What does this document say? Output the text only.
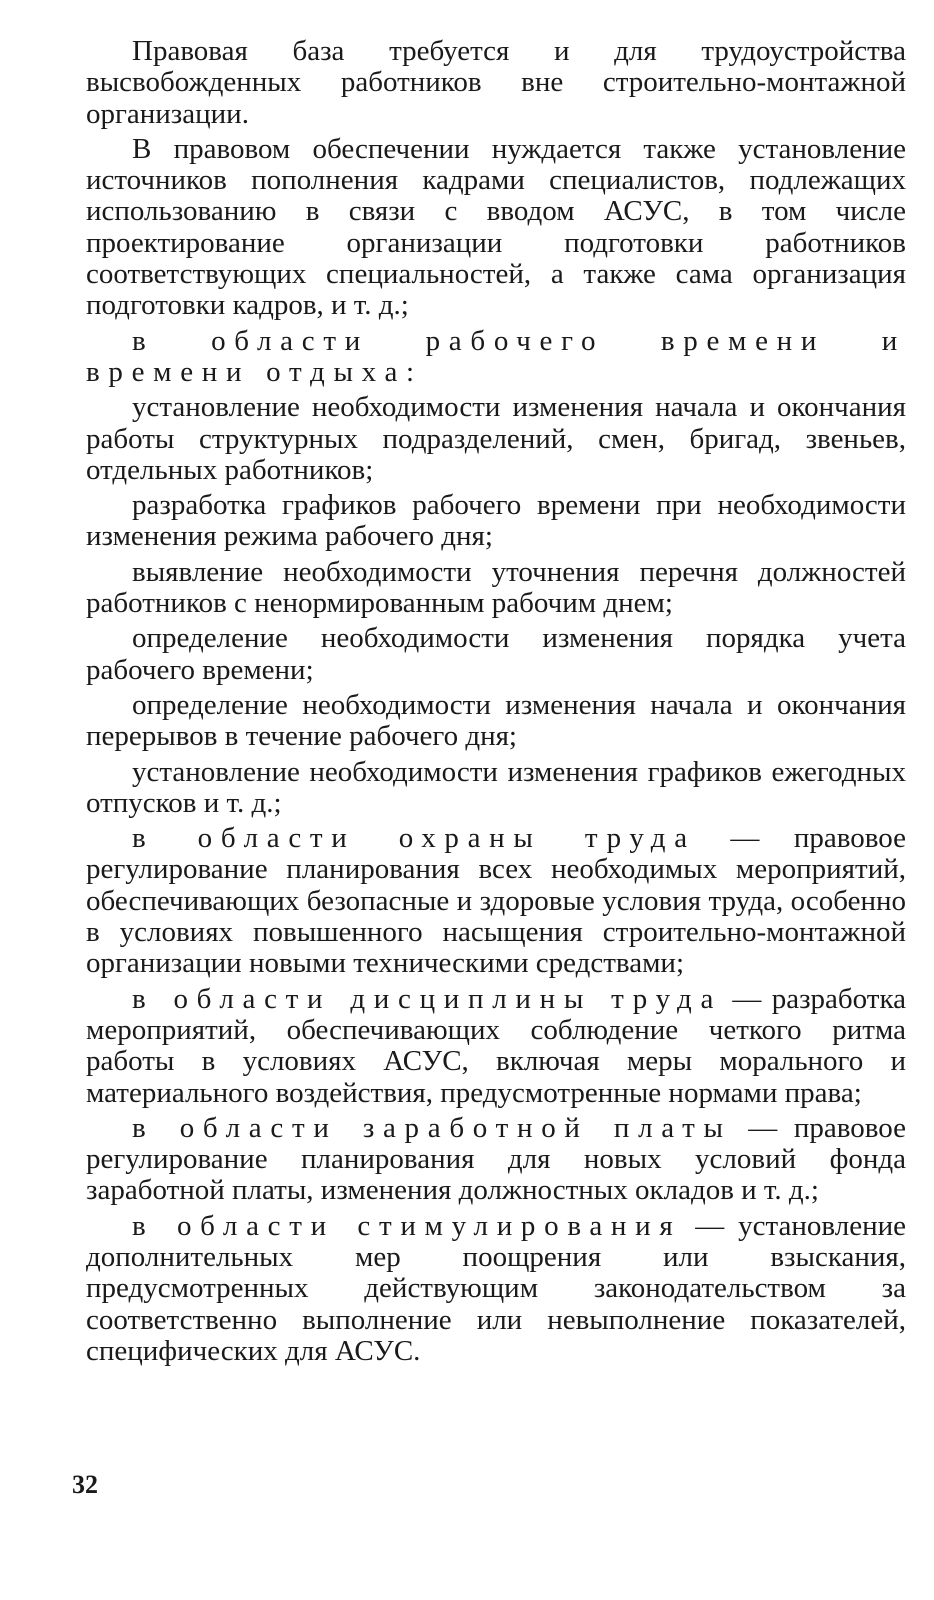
Правовая база требуется и для трудоустройства высвобожденных работников вне строительно-монтажной организации.

В правовом обеспечении нуждается также установление источников пополнения кадрами специалистов, подлежащих использованию в связи с вводом АСУС, в том числе проектирование организации подготовки работников соответствующих специальностей, а также сама организация подготовки кадров, и т. д.;

в области рабочего времени и времени отдыха:

установление необходимости изменения начала и окончания работы структурных подразделений, смен, бригад, звеньев, отдельных работников;

разработка графиков рабочего времени при необходимости изменения режима рабочего дня;

выявление необходимости уточнения перечня должностей работников с ненормированным рабочим днем;

определение необходимости изменения порядка учета рабочего времени;

определение необходимости изменения начала и окончания перерывов в течение рабочего дня;

установление необходимости изменения графиков ежегодных отпусков и т. д.;

в области охраны труда — правовое регулирование планирования всех необходимых мероприятий, обеспечивающих безопасные и здоровые условия труда, особенно в условиях повышенного насыщения строительно-монтажной организации новыми техническими средствами;

в области дисциплины труда — разработка мероприятий, обеспечивающих соблюдение четкого ритма работы в условиях АСУС, включая меры морального и материального воздействия, предусмотренные нормами права;

в области заработной платы — правовое регулирование планирования для новых условий фонда заработной платы, изменения должностных окладов и т. д.;

в области стимулирования — установление дополнительных мер поощрения или взыскания, предусмотренных действующим законодательством за соответственно выполнение или невыполнение показателей, специфических для АСУС.

32
